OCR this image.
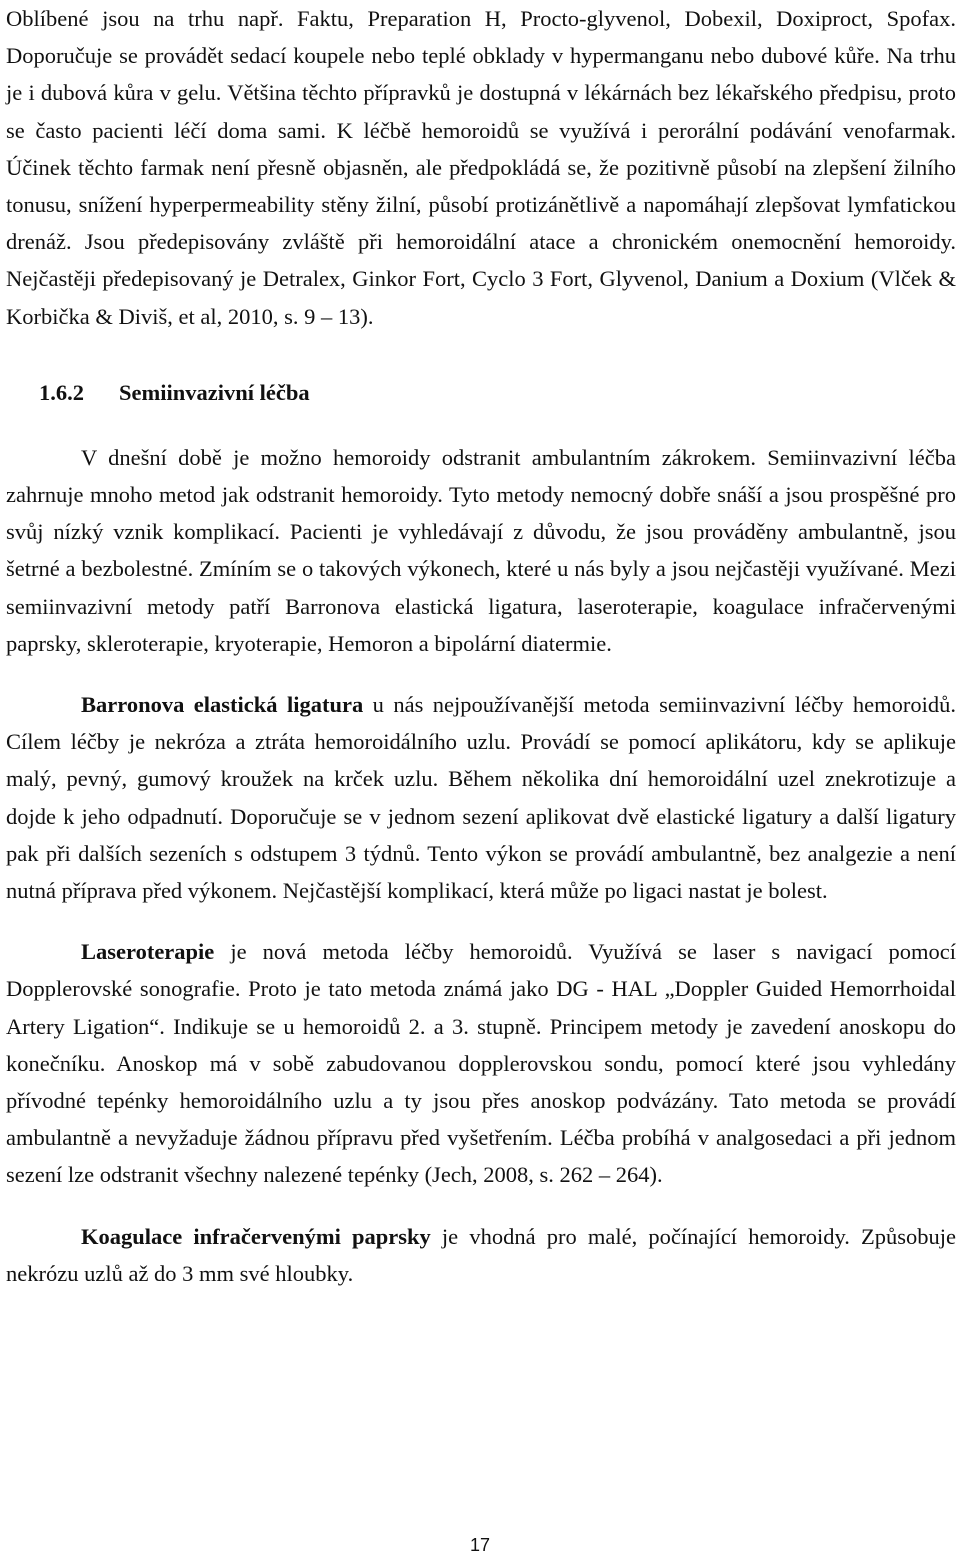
Oblíbené jsou na trhu např. Faktu, Preparation H, Procto-glyvenol, Dobexil, Doxiproct, Spofax. Doporučuje se provádět sedací koupele nebo teplé obklady v hypermanganu nebo dubové kůře. Na trhu je i dubová kůra v gelu. Většina těchto přípravků je dostupná v lékárnách bez lékařského předpisu, proto se často pacienti léčí doma sami. K léčbě hemoroidů se využívá i perorální podávání venofarmak. Účinek těchto farmak není přesně objasněn, ale předpokládá se, že pozitivně působí na zlepšení žilního tonusu, snížení hyperpermeability stěny žilní, působí protizánětlivě a napomáhají zlepšovat lymfatickou drenáž. Jsou předepisovány zvláště při hemoroidální atace a chronickém onemocnění hemoroidy. Nejčastěji předepisovaný je Detralex, Ginkor Fort, Cyclo 3 Fort, Glyvenol, Danium a Doxium (Vlček & Korbička & Diviš, et al, 2010, s. 9 – 13).

1.6.2 Semiinvazivní léčba

V dnešní době je možno hemoroidy odstranit ambulantním zákrokem. Semiinvazivní léčba zahrnuje mnoho metod jak odstranit hemoroidy. Tyto metody nemocný dobře snáší a jsou prospěšné pro svůj nízký vznik komplikací. Pacienti je vyhledávají z důvodu, že jsou prováděny ambulantně, jsou šetrné a bezbolestné. Zmíním se o takových výkonech, které u nás byly a jsou nejčastěji využívané. Mezi semiinvazivní metody patří Barronova elastická ligatura, laseroterapie, koagulace infračervenými paprsky, skleroterapie, kryoterapie, Hemoron a bipolární diatermie.

Barronova elastická ligatura u nás nejpoužívanější metoda semiinvazivní léčby hemoroidů. Cílem léčby je nekróza a ztráta hemoroidálního uzlu. Provádí se pomocí aplikátoru, kdy se aplikuje malý, pevný, gumový kroužek na krček uzlu. Během několika dní hemoroidální uzel znekrotizuje a dojde k jeho odpadnutí. Doporučuje se v jednom sezení aplikovat dvě elastické ligatury a další ligatury pak při dalších sezeních s odstupem 3 týdnů. Tento výkon se provádí ambulantně, bez analgezie a není nutná příprava před výkonem. Nejčastější komplikací, která může po ligaci nastat je bolest.

Laseroterapie je nová metoda léčby hemoroidů. Využívá se laser s navigací pomocí Dopplerovské sonografie. Proto je tato metoda známá jako DG - HAL „Doppler Guided Hemorrhoidal Artery Ligation“. Indikuje se u hemoroidů 2. a 3. stupně. Principem metody je zavedení anoskopu do konečníku. Anoskop má v sobě zabudovanou dopplerovskou sondu, pomocí které jsou vyhledány přívodné tepénky hemoroidálního uzlu a ty jsou přes anoskop podvázány. Tato metoda se provádí ambulantně a nevyžaduje žádnou přípravu před vyšetřením. Léčba probíhá v analgosedaci a při jednom sezení lze odstranit všechny nalezené tepénky (Jech, 2008, s. 262 – 264).

Koagulace infračervenými paprsky je vhodná pro malé, počínající hemoroidy. Způsobuje nekrózu uzlů až do 3 mm své hloubky.

17
